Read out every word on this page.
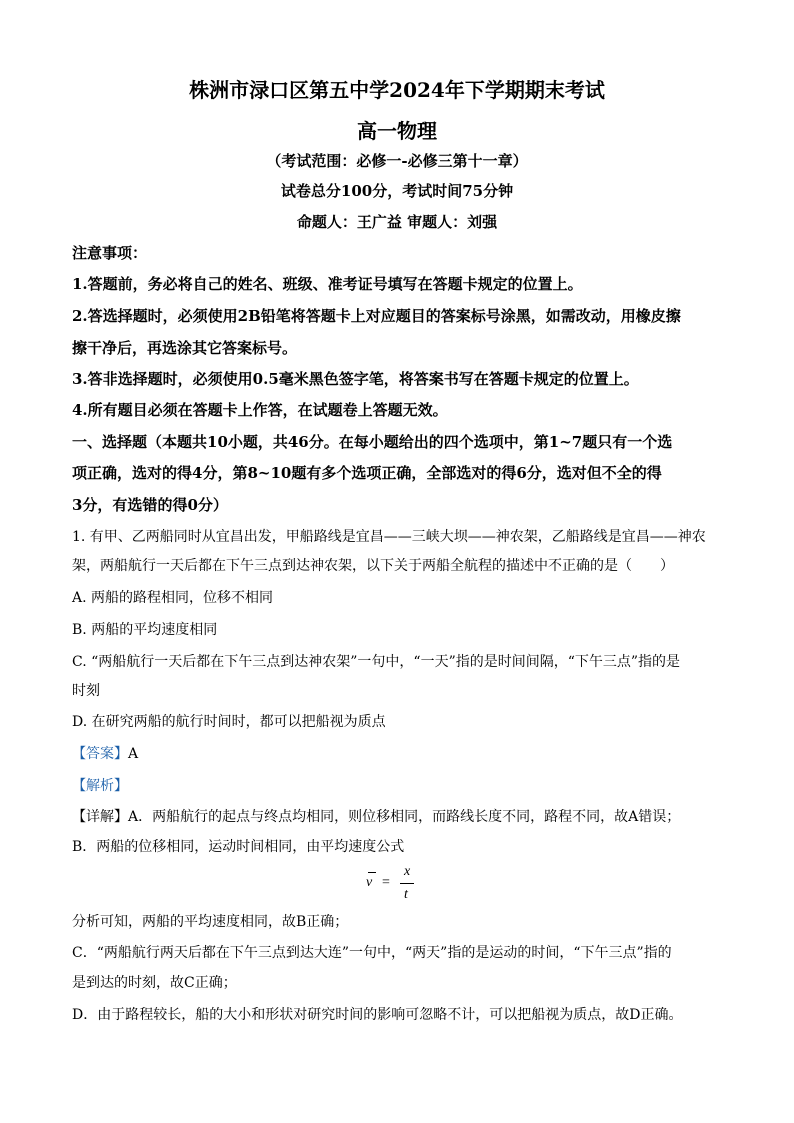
株洲市渌口区第五中学2024年下学期期末考试
高一物理
（考试范围：必修一-必修三第十一章）
试卷总分100分，考试时间75分钟
命题人：王广益 审题人：刘强
注意事项：
1.答题前，务必将自己的姓名、班级、准考证号填写在答题卡规定的位置上。
2.答选择题时，必须使用2B铅笔将答题卡上对应题目的答案标号涂黑，如需改动，用橡皮擦
擦干净后，再选涂其它答案标号。
3.答非选择题时，必须使用0.5毫米黑色签字笔，将答案书写在答题卡规定的位置上。
4.所有题目必须在答题卡上作答，在试题卷上答题无效。
一、选择题（本题共10小题，共46分。在每小题给出的四个选项中，第1~7题只有一个选
项正确，选对的得4分，第8~10题有多个选项正确，全部选对的得6分，选对但不全的得
3分，有选错的得0分）
1. 有甲、乙两船同时从宜昌出发，甲船路线是宜昌——三峡大坝——神农架，乙船路线是宜昌——神农
架，两船航行一天后都在下午三点到达神农架，以下关于两船全航程的描述中不正确的是（　　）
A. 两船的路程相同，位移不相同
B. 两船的平均速度相同
C. “两船航行一天后都在下午三点到达神农架”一句中，“一天”指的是时间间隔，“下午三点”指的是
时刻
D. 在研究两船的航行时间时，都可以把船视为质点
【答案】A
【解析】
【详解】A．两船航行的起点与终点均相同，则位移相同，而路线长度不同，路程不同，故A错误；
B．两船的位移相同，运动时间相同，由平均速度公式
v =
x
t
分析可知，两船的平均速度相同，故B正确；
C．“两船航行两天后都在下午三点到达大连”一句中，“两天”指的是运动的时间，“下午三点”指的
是到达的时刻，故C正确；
D．由于路程较长，船的大小和形状对研究时间的影响可忽略不计，可以把船视为质点，故D正确。
